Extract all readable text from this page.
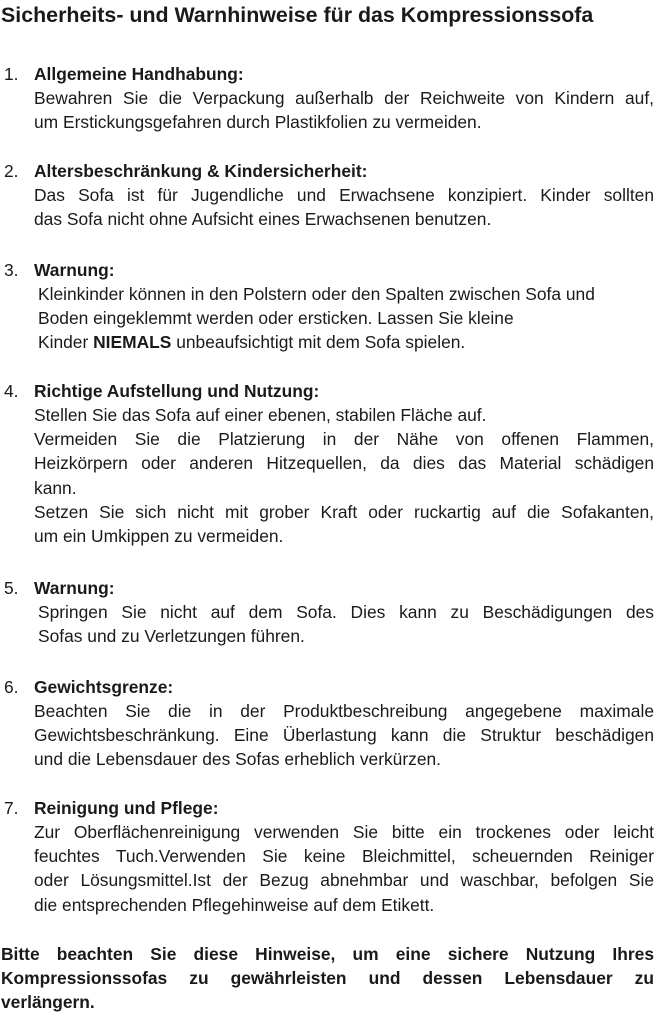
Sicherheits- und Warnhinweise für das Kompressionssofa
1. Allgemeine Handhabung:
Bewahren Sie die Verpackung außerhalb der Reichweite von Kindern auf,
um Erstickungsgefahren durch Plastikfolien zu vermeiden.
2. Altersbeschränkung & Kindersicherheit:
Das Sofa ist für Jugendliche und Erwachsene konzipiert. Kinder sollten
das Sofa nicht ohne Aufsicht eines Erwachsenen benutzen.
3. Warnung:
Kleinkinder können in den Polstern oder den Spalten zwischen Sofa und
Boden eingeklemmt werden oder ersticken. Lassen Sie kleine
Kinder NIEMALS unbeaufsichtigt mit dem Sofa spielen.
4. Richtige Aufstellung und Nutzung:
Stellen Sie das Sofa auf einer ebenen, stabilen Fläche auf.
Vermeiden Sie die Platzierung in der Nähe von offenen Flammen,
Heizkörpern oder anderen Hitzequellen, da dies das Material schädigen
kann.
Setzen Sie sich nicht mit grober Kraft oder ruckartig auf die Sofakanten,
um ein Umkippen zu vermeiden.
5. Warnung:
Springen Sie nicht auf dem Sofa. Dies kann zu Beschädigungen des
Sofas und zu Verletzungen führen.
6. Gewichtsgrenze:
Beachten Sie die in der Produktbeschreibung angegebene maximale
Gewichtsbeschränkung. Eine Überlastung kann die Struktur beschädigen
und die Lebensdauer des Sofas erheblich verkürzen.
7. Reinigung und Pflege:
Zur Oberflächenreinigung verwenden Sie bitte ein trockenes oder leicht
feuchtes Tuch.Verwenden Sie keine Bleichmittel, scheuernden Reiniger
oder Lösungsmittel.Ist der Bezug abnehmbar und waschbar, befolgen Sie
die entsprechenden Pflegehinweise auf dem Etikett.
Bitte beachten Sie diese Hinweise, um eine sichere Nutzung Ihres
Kompressionssofas zu gewährleisten und dessen Lebensdauer zu
verlängern.
